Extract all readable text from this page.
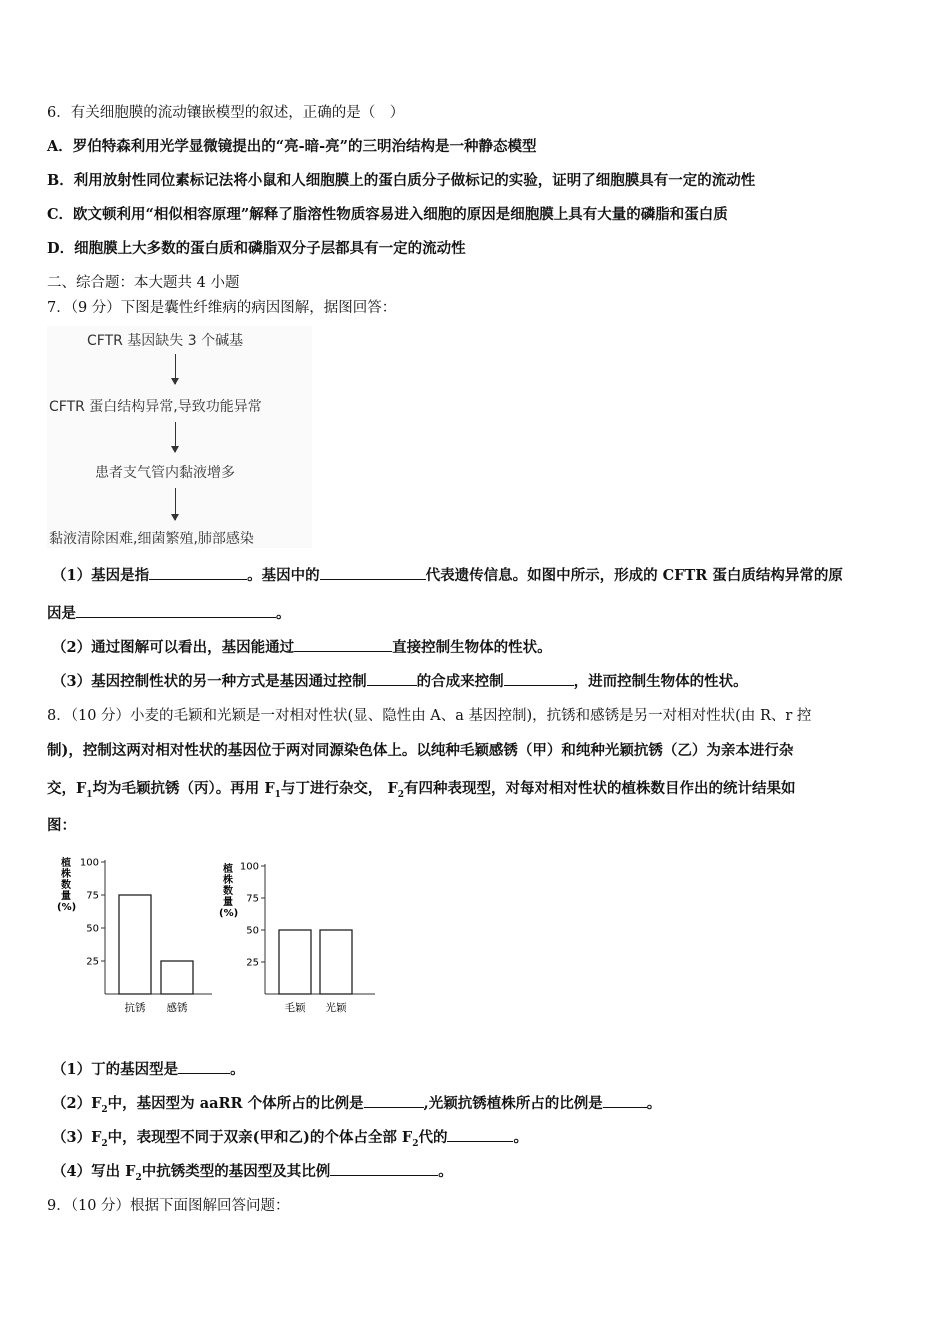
6．有关细胞膜的流动镶嵌模型的叙述，正确的是（　）
A．罗伯特森利用光学显微镜提出的“亮-暗-亮”的三明治结构是一种静态模型
B．利用放射性同位素标记法将小鼠和人细胞膜上的蛋白质分子做标记的实验，证明了细胞膜具有一定的流动性
C．欧文顿利用“相似相容原理”解释了脂溶性物质容易进入细胞的原因是细胞膜上具有大量的磷脂和蛋白质
D．细胞膜上大多数的蛋白质和磷脂双分子层都具有一定的流动性
二、综合题：本大题共 4 小题
7．（9 分）下图是囊性纤维病的病因图解，据图回答：
CFTR 基因缺失 3 个碱基
CFTR 蛋白结构异常,导致功能异常
患者支气管内黏液增多
黏液清除困难,细菌繁殖,肺部感染
（1）基因是指	。基因中的	代表遗传信息。如图中所示，形成的 CFTR 蛋白质结构异常的原
因是	。
（2）通过图解可以看出，基因能通过	直接控制生物体的性状。
（3）基因控制性状的另一种方式是基因通过控制	的合成来控制	，进而控制生物体的性状。
8．（10 分）小麦的毛颖和光颖是一对相对性状(显、隐性由 A、a 基因控制)，抗锈和感锈是另一对相对性状(由 R、r 控
制)，控制这两对相对性状的基因位于两对同源染色体上。以纯种毛颖感锈（甲）和纯种光颖抗锈（乙）为亲本进行杂
交，$F_1$均为毛颖抗锈（丙）。再用 $F_1$与丁进行杂交， $F_2$有四种表现型，对每对相对性状的植株数目作出的统计结果如
图：
植株数量(%)
100
75
50
25
抗锈 感锈
植株数量(%)
100
75
50
25
毛颖 光颖
（1）丁的基因型是	。
$(2)F_2$中，基因型为 aaRR 个体所占的比例是	,光颖抗锈植株所占的比例是	。
$(3)F_2$中，表现型不同于双亲(甲和乙)的个体占全部 $F_2$代的	。
（4）写出 $F_2$中抗锈类型的基因型及其比例	。
9．（10 分）根据下面图解回答问题：
